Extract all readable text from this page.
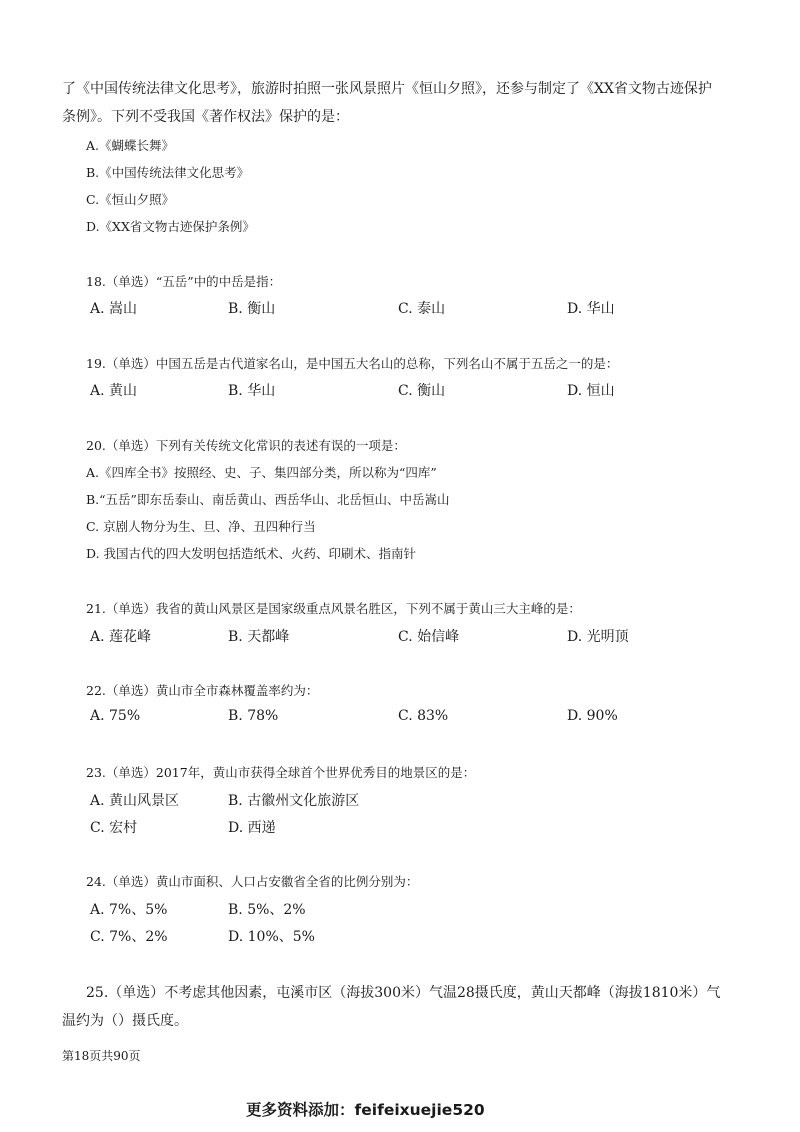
了《中国传统法律文化思考》，旅游时拍照一张风景照片《恒山夕照》，还参与制定了《XX省文物古迹保护
条例》。下列不受我国《著作权法》保护的是：
A.《蝴蝶长舞》
B.《中国传统法律文化思考》
C.《恒山夕照》
D.《XX省文物古迹保护条例》
18.（单选）“五岳”中的中岳是指：
A. 嵩山	B. 衡山	C. 泰山	D. 华山
19.（单选）中国五岳是古代道家名山，是中国五大名山的总称，下列名山不属于五岳之一的是：
A. 黄山	B. 华山	C. 衡山	D. 恒山
20.（单选）下列有关传统文化常识的表述有误的一项是：
A.《四库全书》按照经、史、子、集四部分类，所以称为“四库”
B.“五岳”即东岳泰山、南岳黄山、西岳华山、北岳恒山、中岳嵩山
C. 京剧人物分为生、旦、净、丑四种行当
D. 我国古代的四大发明包括造纸术、火药、印刷术、指南针
21.（单选）我省的黄山风景区是国家级重点风景名胜区，下列不属于黄山三大主峰的是：
A. 莲花峰	B. 天都峰	C. 始信峰	D. 光明顶
22.（单选）黄山市全市森林覆盖率约为：
A. 75%	B. 78%	C. 83%	D. 90%
23.（单选）2017年，黄山市获得全球首个世界优秀目的地景区的是：
A. 黄山风景区	B. 古徽州文化旅游区
C. 宏村	D. 西递
24.（单选）黄山市面积、人口占安徽省全省的比例分别为：
A. 7%、5%	B. 5%、2%
C. 7%、2%	D. 10%、5%
25.（单选）不考虑其他因素，屯溪市区（海拔300米）气温28摄氏度，黄山天都峰（海拔1810米）气
温约为（）摄氏度。
第18页共90页
更多资料添加：feifeixuejie520
